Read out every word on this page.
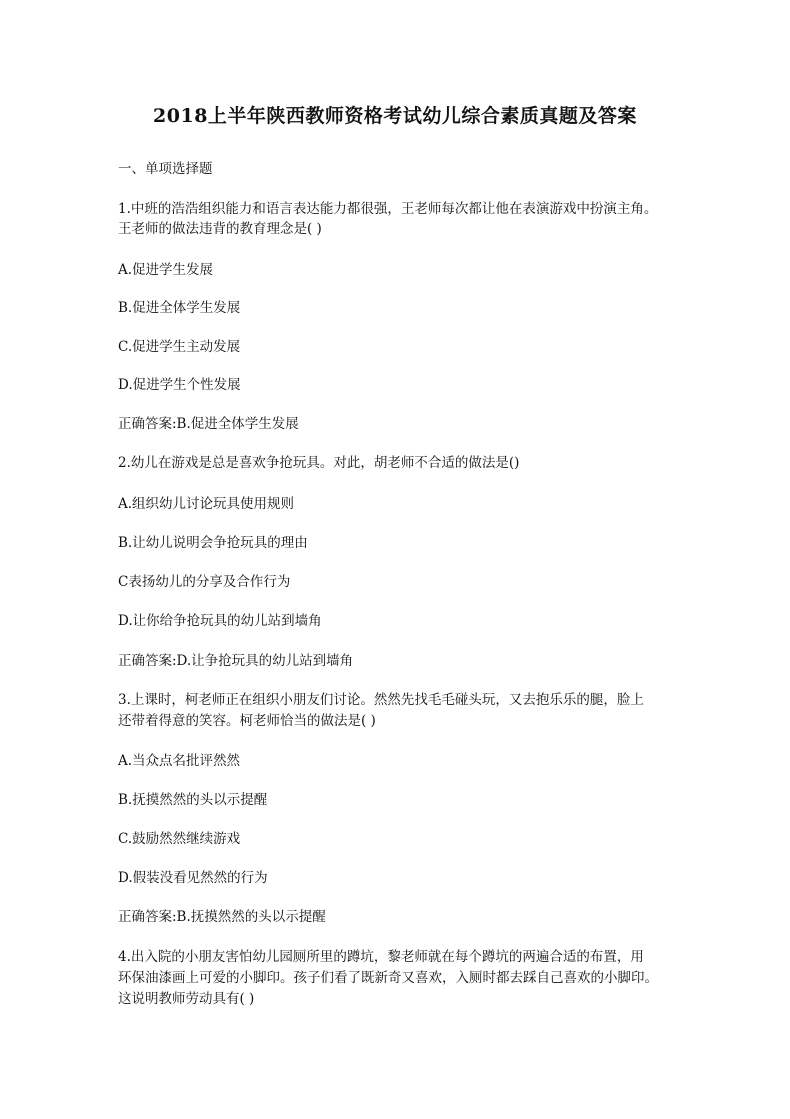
2018上半年陕西教师资格考试幼儿综合素质真题及答案
一、单项选择题
1.中班的浩浩组织能力和语言表达能力都很强，王老师每次都让他在表演游戏中扮演主角。
王老师的做法违背的教育理念是( )
A.促进学生发展
B.促进全体学生发展
C.促进学生主动发展
D.促进学生个性发展
正确答案:B.促进全体学生发展
2.幼儿在游戏是总是喜欢争抢玩具。对此，胡老师不合适的做法是()
A.组织幼儿讨论玩具使用规则
B.让幼儿说明会争抢玩具的理由
C表扬幼儿的分享及合作行为
D.让你给争抢玩具的幼儿站到墙角
正确答案:D.让争抢玩具的幼儿站到墙角
3.上课时，柯老师正在组织小朋友们讨论。然然先找毛毛碰头玩，又去抱乐乐的腿，脸上
还带着得意的笑容。柯老师恰当的做法是( )
A.当众点名批评然然
B.抚摸然然的头以示提醒
C.鼓励然然继续游戏
D.假装没看见然然的行为
正确答案:B.抚摸然然的头以示提醒
4.出入院的小朋友害怕幼儿园厕所里的蹲坑，黎老师就在每个蹲坑的两遍合适的布置，用
环保油漆画上可爱的小脚印。孩子们看了既新奇又喜欢，入厕时都去踩自己喜欢的小脚印。
这说明教师劳动具有( )
